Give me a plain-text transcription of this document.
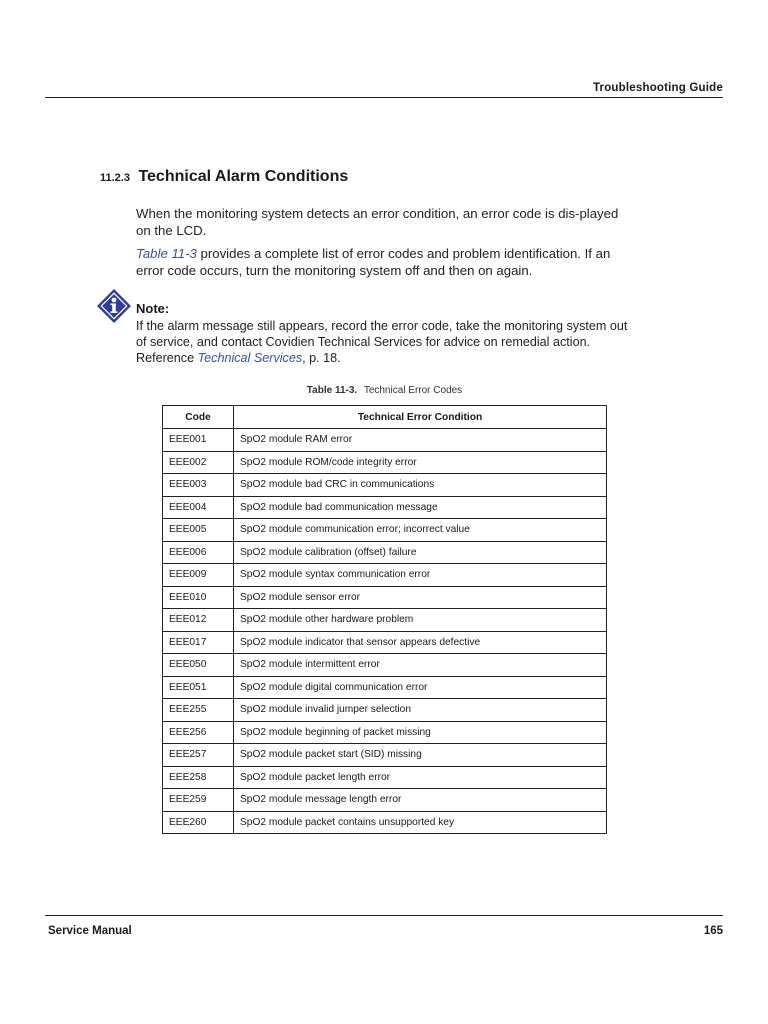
Troubleshooting Guide
11.2.3 Technical Alarm Conditions
When the monitoring system detects an error condition, an error code is dis-played on the LCD.
Table 11-3 provides a complete list of error codes and problem identification. If an error code occurs, turn the monitoring system off and then on again.
Note:
If the alarm message still appears, record the error code, take the monitoring system out of service, and contact Covidien Technical Services for advice on remedial action. Reference Technical Services, p. 18.
Table 11-3. Technical Error Codes
Code	Technical Error Condition
EEE001	SpO2 module RAM error
EEE002	SpO2 module ROM/code integrity error
EEE003	SpO2 module bad CRC in communications
EEE004	SpO2 module bad communication message
EEE005	SpO2 module communication error; incorrect value
EEE006	SpO2 module calibration (offset) failure
EEE009	SpO2 module syntax communication error
EEE010	SpO2 module sensor error
EEE012	SpO2 module other hardware problem
EEE017	SpO2 module indicator that sensor appears defective
EEE050	SpO2 module intermittent error
EEE051	SpO2 module digital communication error
EEE255	SpO2 module invalid jumper selection
EEE256	SpO2 module beginning of packet missing
EEE257	SpO2 module packet start (SID) missing
EEE258	SpO2 module packet length error
EEE259	SpO2 module message length error
EEE260	SpO2 module packet contains unsupported key
Service Manual	165
